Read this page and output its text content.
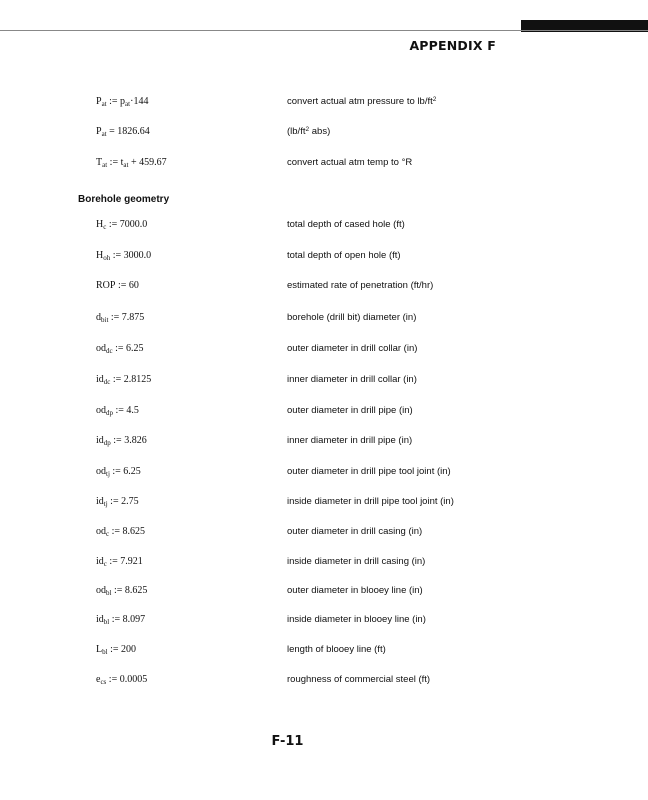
APPENDIX F
$P_{at}$ := $p_{at}\cdot 144$	convert actual atm pressure to $lb/ft^2$
$P_{at} = 1826.64$	($lb/ft^2$ abs)
$T_{at}$ := $t_{at} + 459.67$	convert actual atm temp to °R
Borehole geometry
$H_c$ := 7000.0	total depth of cased hole (ft)
$H_{oh}$ := 3000.0	total depth of open hole (ft)
ROP := 60	estimated rate of penetration (ft/hr)
$d_{bit}$ := 7.875	borehole (drill bit) diameter (in)
$od_{dc}$ := 6.25	outer diameter in drill collar (in)
$id_{dc}$ := 2.8125	inner diameter in drill collar (in)
$od_{dp}$ := 4.5	outer diameter in drill pipe (in)
$id_{dp}$ := 3.826	inner diameter in drill pipe (in)
$od_{tj}$ := 6.25	outer diameter in drill pipe tool joint (in)
$id_{tj}$ := 2.75	inside diameter in drill pipe tool joint (in)
$od_c$ := 8.625	outer diameter in drill casing (in)
$id_c$ := 7.921	inside diameter in drill casing (in)
$od_{bl}$ := 8.625	outer diameter in blooey line (in)
$id_{bl}$ := 8.097	inside diameter in blooey line (in)
$L_{bl}$ := 200	length of blooey line (ft)
$e_{cs}$ := 0.0005	roughness of commercial steel (ft)
F-11
